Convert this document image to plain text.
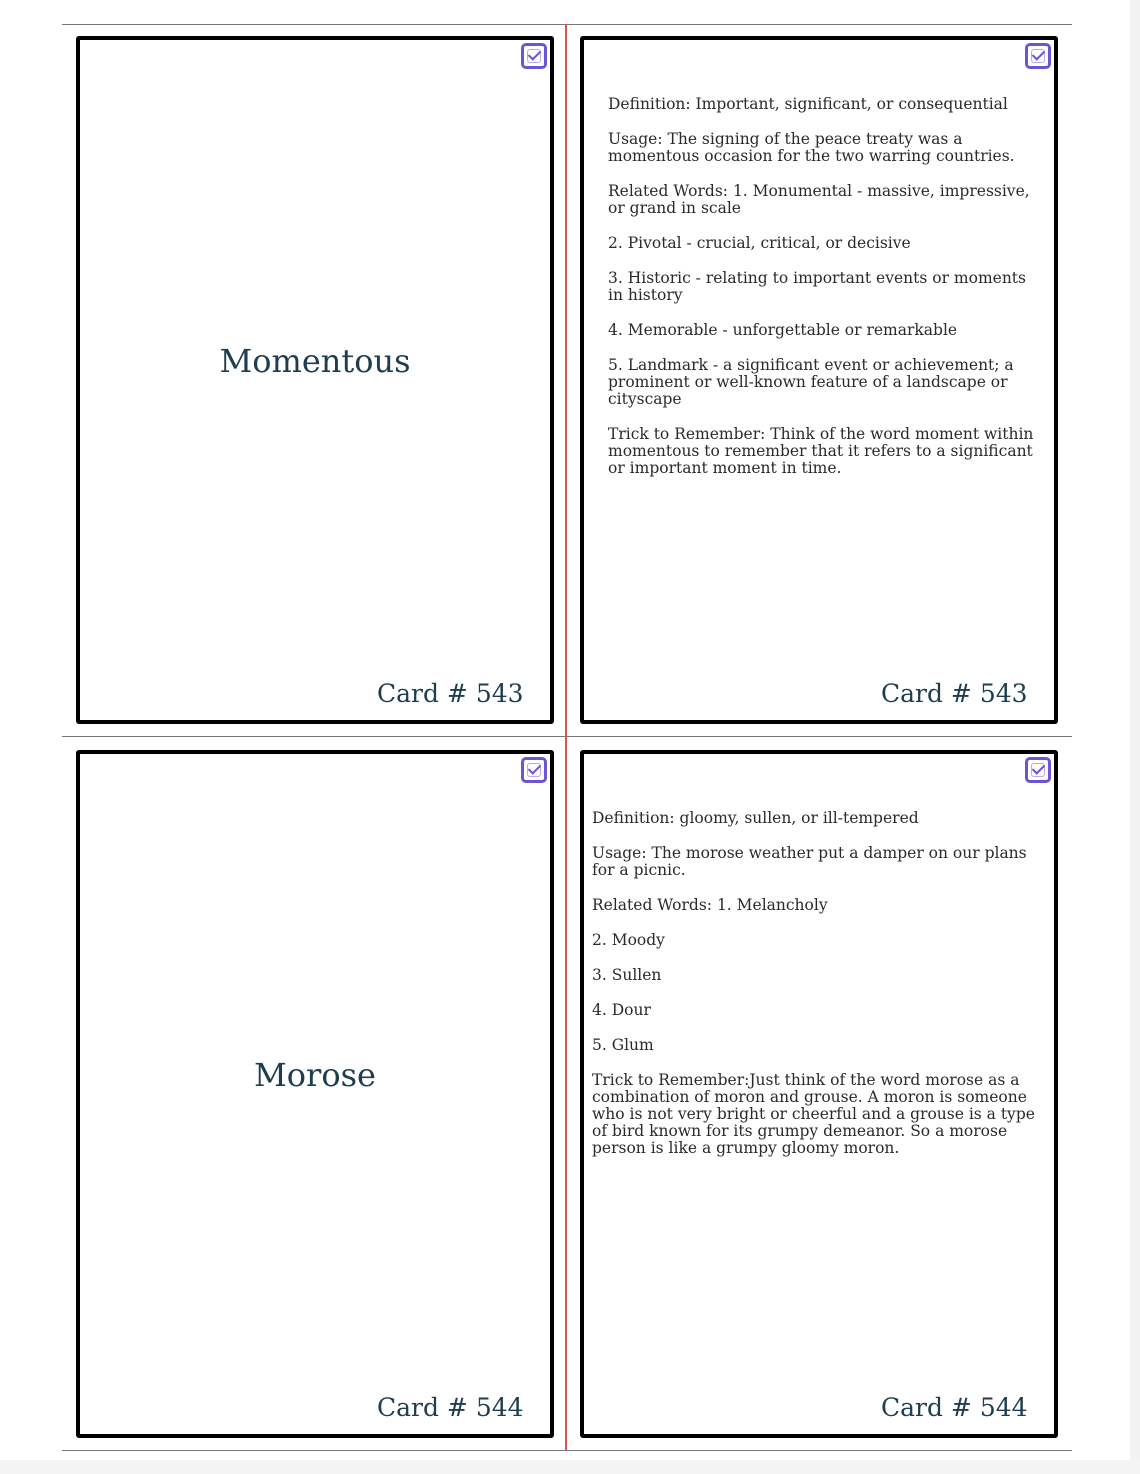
Momentous
Card # 543

Definition: Important, significant, or consequential

Usage: The signing of the peace treaty was a momentous occasion for the two warring countries.

Related Words: 1. Monumental - massive, impressive, or grand in scale

2. Pivotal - crucial, critical, or decisive

3. Historic - relating to important events or moments in history

4. Memorable - unforgettable or remarkable

5. Landmark - a significant event or achievement; a prominent or well-known feature of a landscape or cityscape

Trick to Remember: Think of the word moment within momentous to remember that it refers to a significant or important moment in time.

Card # 543
Morose
Card # 544

Definition: gloomy, sullen, or ill-tempered

Usage: The morose weather put a damper on our plans for a picnic.

Related Words: 1. Melancholy

2. Moody

3. Sullen

4. Dour

5. Glum

Trick to Remember:Just think of the word morose as a combination of moron and grouse. A moron is someone who is not very bright or cheerful and a grouse is a type of bird known for its grumpy demeanor. So a morose person is like a grumpy gloomy moron.

Card # 544
